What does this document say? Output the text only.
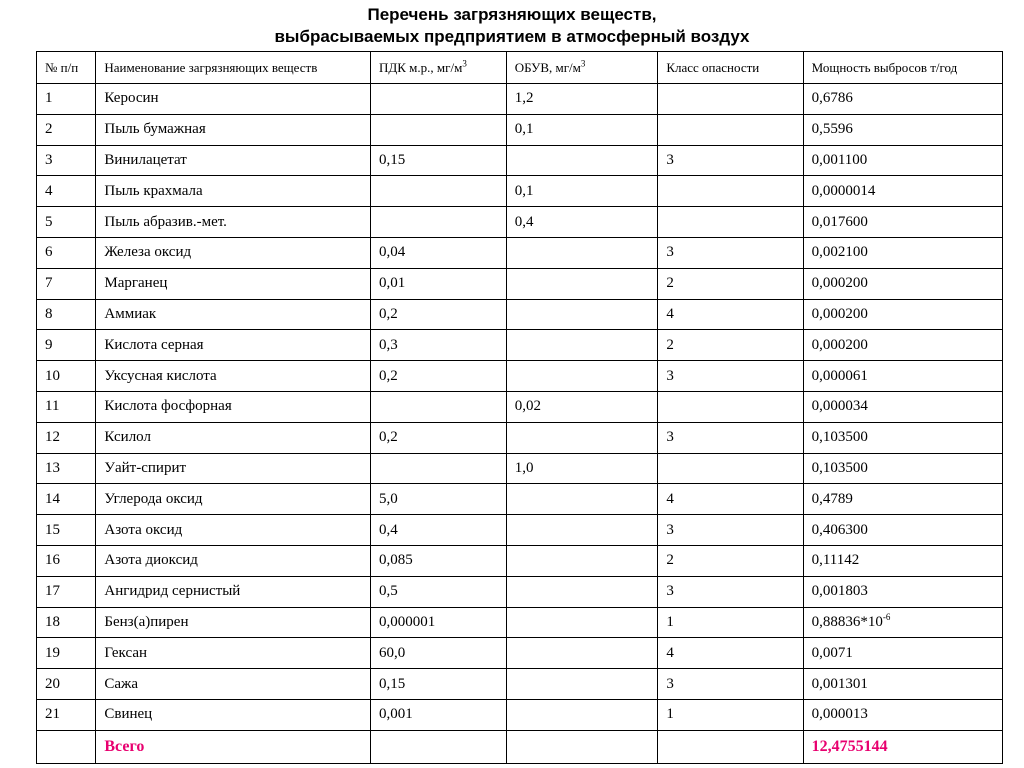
Перечень загрязняющих веществ,
выбрасываемых предприятием в атмосферный воздух
№ п/п	Наименование загрязняющих веществ	ПДК м.р., $мг/м^3$	ОБУВ, $мг/м^3$	Класс опасности	Мощность выбросов т/год
1	Керосин		1,2		0,6786
2	Пыль бумажная		0,1		0,5596
3	Винилацетат	0,15		3	0,001100
4	Пыль крахмала		0,1		0,0000014
5	Пыль абразив.-мет.		0,4		0,017600
6	Железа оксид	0,04		3	0,002100
7	Марганец	0,01		2	0,000200
8	Аммиак	0,2		4	0,000200
9	Кислота серная	0,3		2	0,000200
10	Уксусная кислота	0,2		3	0,000061
11	Кислота фосфорная		0,02		0,000034
12	Ксилол	0,2		3	0,103500
13	Уайт-спирит		1,0		0,103500
14	Углерода оксид	5,0		4	0,4789
15	Азота оксид	0,4		3	0,406300
16	Азота диоксид	0,085		2	0,11142
17	Ангидрид сернистый	0,5		3	0,001803
18	Бенз(а)пирен	0,000001		1	$0,88836*10^{-6}$
19	Гексан	60,0		4	0,0071
20	Сажа	0,15		3	0,001301
21	Свинец	0,001		1	0,000013
	Всего				12,4755144
